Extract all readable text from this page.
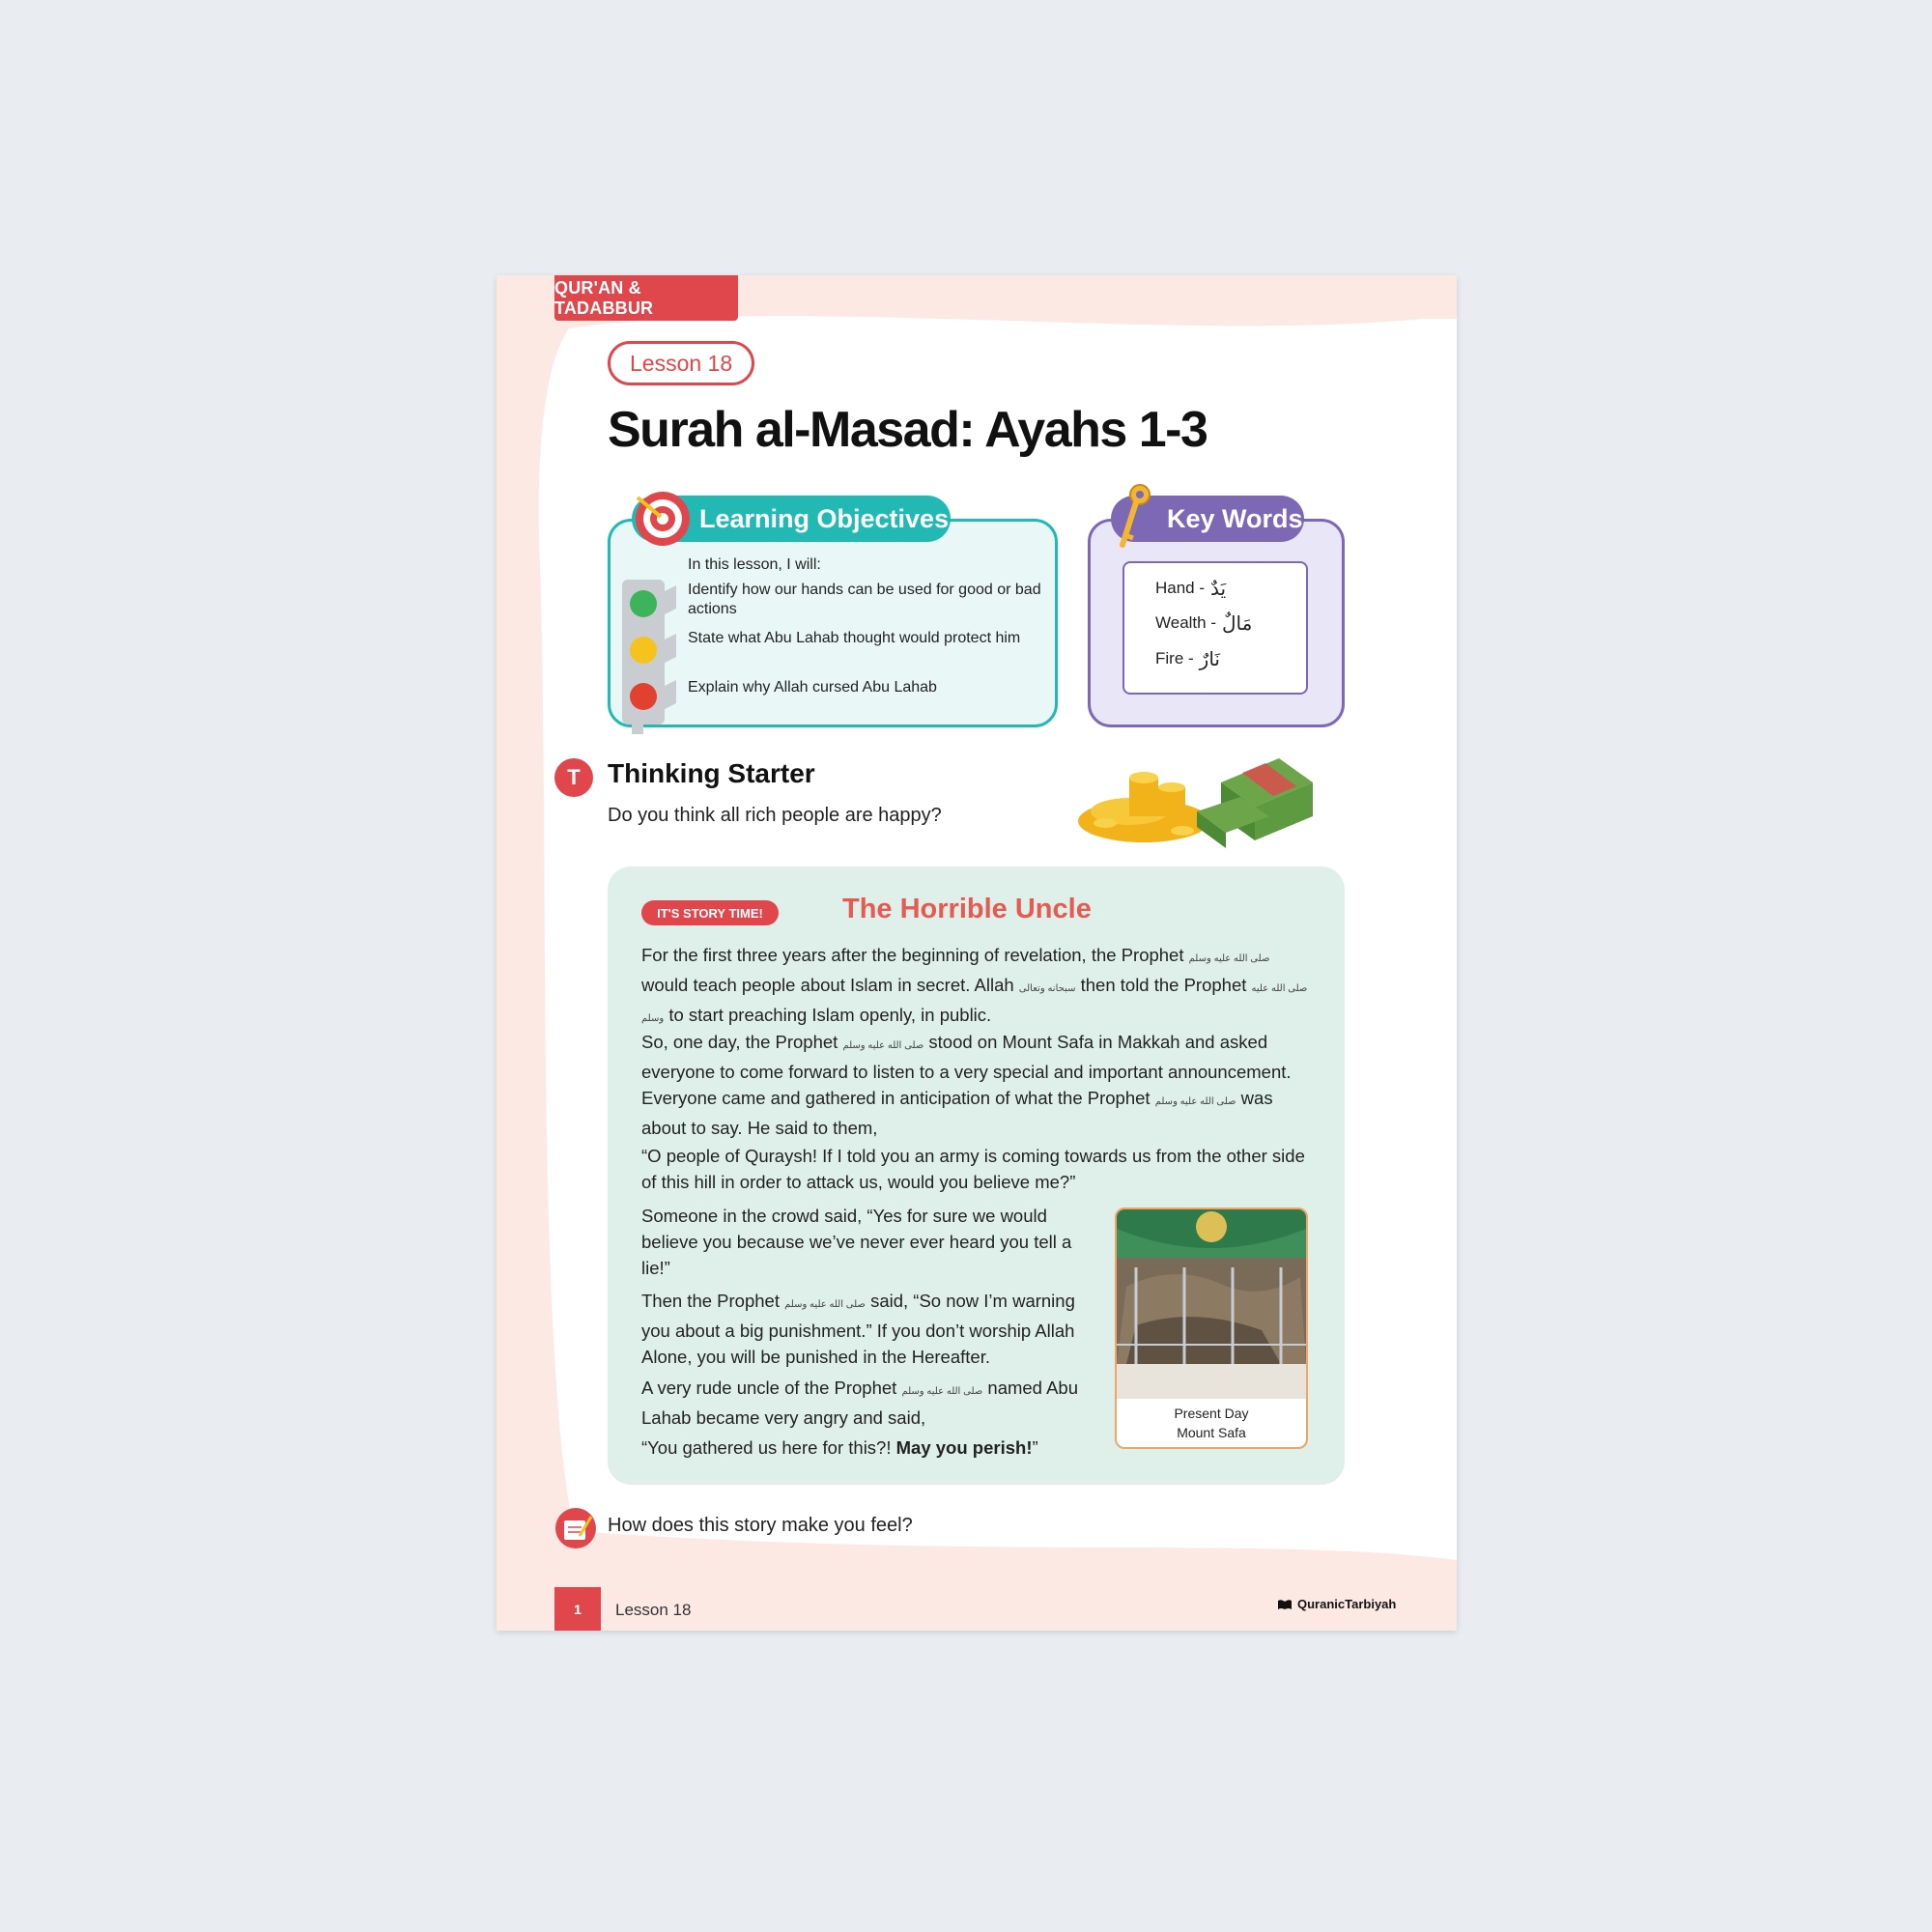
QUR'AN & TADABBUR
Lesson 18
Surah al-Masad: Ayahs 1-3
Learning Objectives
In this lesson, I will:
Identify how our hands can be used for good or bad actions
State what Abu Lahab thought would protect him
Explain why Allah cursed Abu Lahab
Key Words
Hand - يَدٌ
Wealth - مَالٌ
Fire - نَارٌ
T	Thinking Starter
Do you think all rich people are happy?
IT'S STORY TIME!	The Horrible Uncle
For the first three years after the beginning of revelation, the Prophet صلى الله عليه وسلم would teach people about Islam in secret. Allah سبحانه وتعالى then told the Prophet صلى الله عليه وسلم to start preaching Islam openly, in public.
So, one day, the Prophet صلى الله عليه وسلم stood on Mount Safa in Makkah and asked everyone to come forward to listen to a very special and important announcement. Everyone came and gathered in anticipation of what the Prophet صلى الله عليه وسلم was about to say. He said to them,
“O people of Quraysh! If I told you an army is coming towards us from the other side of this hill in order to attack us, would you believe me?”
Someone in the crowd said, “Yes for sure we would believe you because we’ve never ever heard you tell a lie!”
Then the Prophet صلى الله عليه وسلم said, “So now I’m warning you about a big punishment.” If you don’t worship Allah Alone, you will be punished in the Hereafter.
A very rude uncle of the Prophet صلى الله عليه وسلم named Abu Lahab became very angry and said,
“You gathered us here for this?! May you perish!”
Present Day
Mount Safa
How does this story make you feel?
1	Lesson 18	QuranicTarbiyah
